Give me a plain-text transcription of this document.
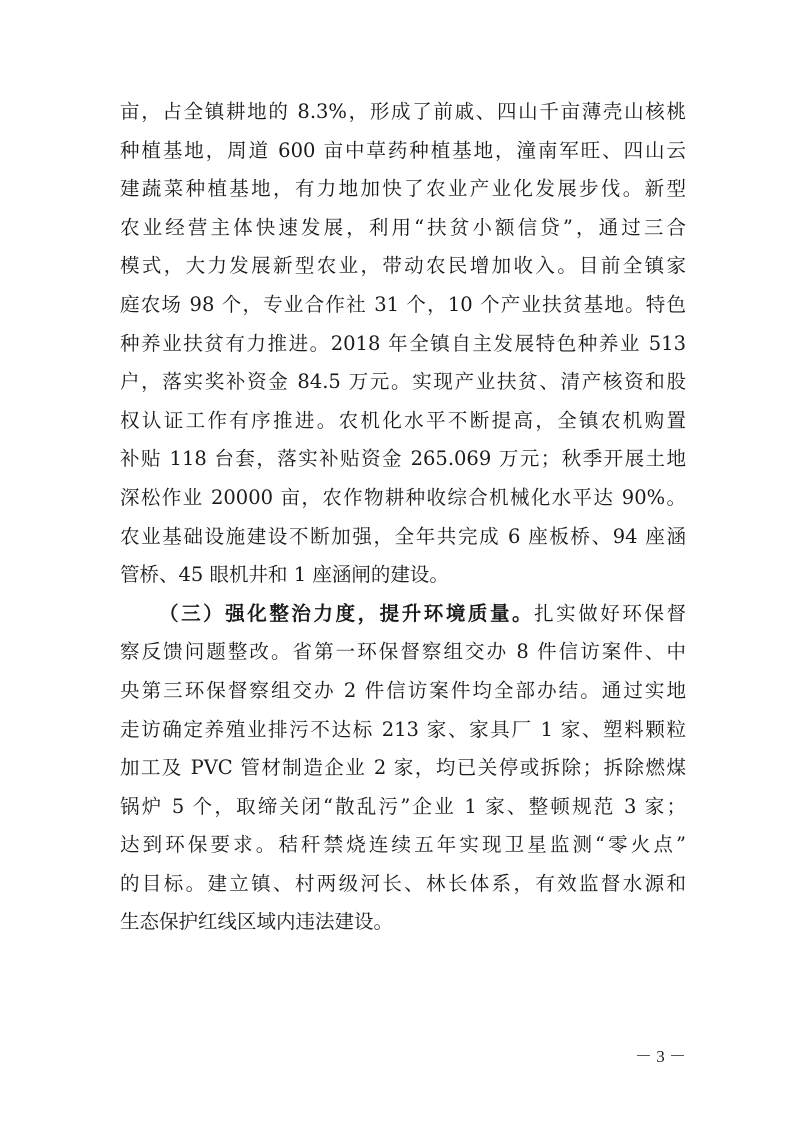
亩，占全镇耕地的 8.3%，形成了前戚、四山千亩薄壳山核桃
种植基地，周道 600 亩中草药种植基地，潼南军旺、四山云
建蔬菜种植基地，有力地加快了农业产业化发展步伐。新型
农业经营主体快速发展，利用“扶贫小额信贷”，通过三合
模式，大力发展新型农业，带动农民增加收入。目前全镇家
庭农场 98 个，专业合作社 31 个，10 个产业扶贫基地。特色
种养业扶贫有力推进。2018 年全镇自主发展特色种养业 513
户，落实奖补资金 84.5 万元。实现产业扶贫、清产核资和股
权认证工作有序推进。农机化水平不断提高，全镇农机购置
补贴 118 台套，落实补贴资金 265.069 万元；秋季开展土地
深松作业 20000 亩，农作物耕种收综合机械化水平达 90%。
农业基础设施建设不断加强，全年共完成 6 座板桥、94 座涵
管桥、45 眼机井和 1 座涵闸的建设。
（三）强化整治力度，提升环境质量。扎实做好环保督
察反馈问题整改。省第一环保督察组交办 8 件信访案件、中
央第三环保督察组交办 2 件信访案件均全部办结。通过实地
走访确定养殖业排污不达标 213 家、家具厂 1 家、塑料颗粒
加工及 PVC 管材制造企业 2 家，均已关停或拆除；拆除燃煤
锅炉 5 个，取缔关闭“散乱污”企业 1 家、整顿规范 3 家；
达到环保要求。秸秆禁烧连续五年实现卫星监测“零火点”
的目标。建立镇、村两级河长、林长体系，有效监督水源和
生态保护红线区域内违法建设。
－ 3 －
